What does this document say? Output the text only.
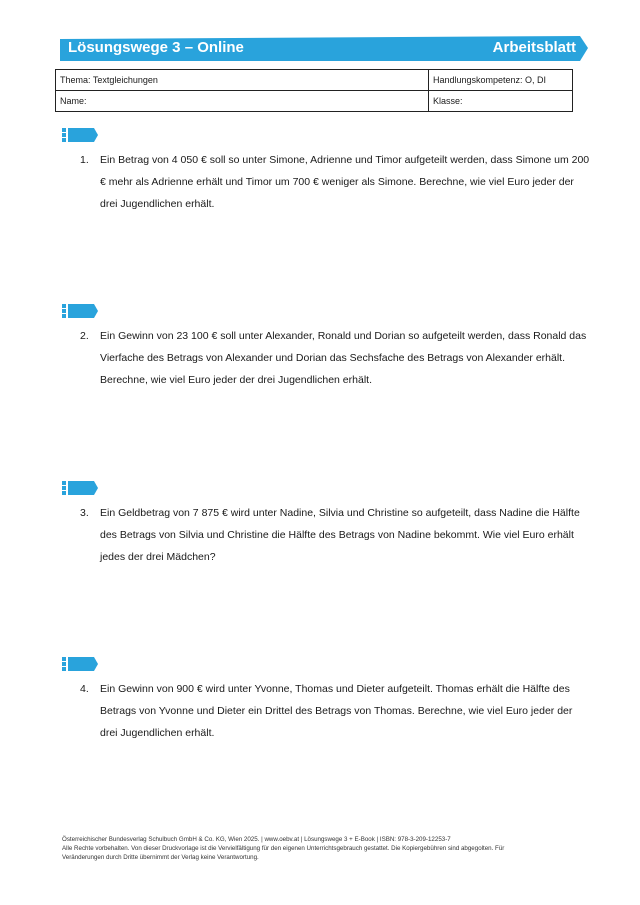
Lösungswege 3 – Online	Arbeitsblatt
Thema: Textgleichungen	Handlungskompetenz: O, DI
Name:	Klasse:
1. Ein Betrag von 4 050 € soll so unter Simone, Adrienne und Timor aufgeteilt werden, dass Simone um 200 € mehr als Adrienne erhält und Timor um 700 € weniger als Simone. Berechne, wie viel Euro jeder der drei Jugendlichen erhält.
2. Ein Gewinn von 23 100 € soll unter Alexander, Ronald und Dorian so aufgeteilt werden, dass Ronald das Vierfache des Betrags von Alexander und Dorian das Sechsfache des Betrags von Alexander erhält. Berechne, wie viel Euro jeder der drei Jugendlichen erhält.
3. Ein Geldbetrag von 7 875 € wird unter Nadine, Silvia und Christine so aufgeteilt, dass Nadine die Hälfte des Betrags von Silvia und Christine die Hälfte des Betrags von Nadine bekommt. Wie viel Euro erhält jedes der drei Mädchen?
4. Ein Gewinn von 900 € wird unter Yvonne, Thomas und Dieter aufgeteilt. Thomas erhält die Hälfte des Betrags von Yvonne und Dieter ein Drittel des Betrags von Thomas. Berechne, wie viel Euro jeder der drei Jugendlichen erhält.
Österreichischer Bundesverlag Schulbuch GmbH & Co. KG, Wien 2025. | www.oebv.at | Lösungswege 3 + E-Book | ISBN: 978-3-209-12253-7
Alle Rechte vorbehalten. Von dieser Druckvorlage ist die Vervielfältigung für den eigenen Unterrichtsgebrauch gestattet. Die Kopiergebühren sind abgegolten. Für
Veränderungen durch Dritte übernimmt der Verlag keine Verantwortung.
